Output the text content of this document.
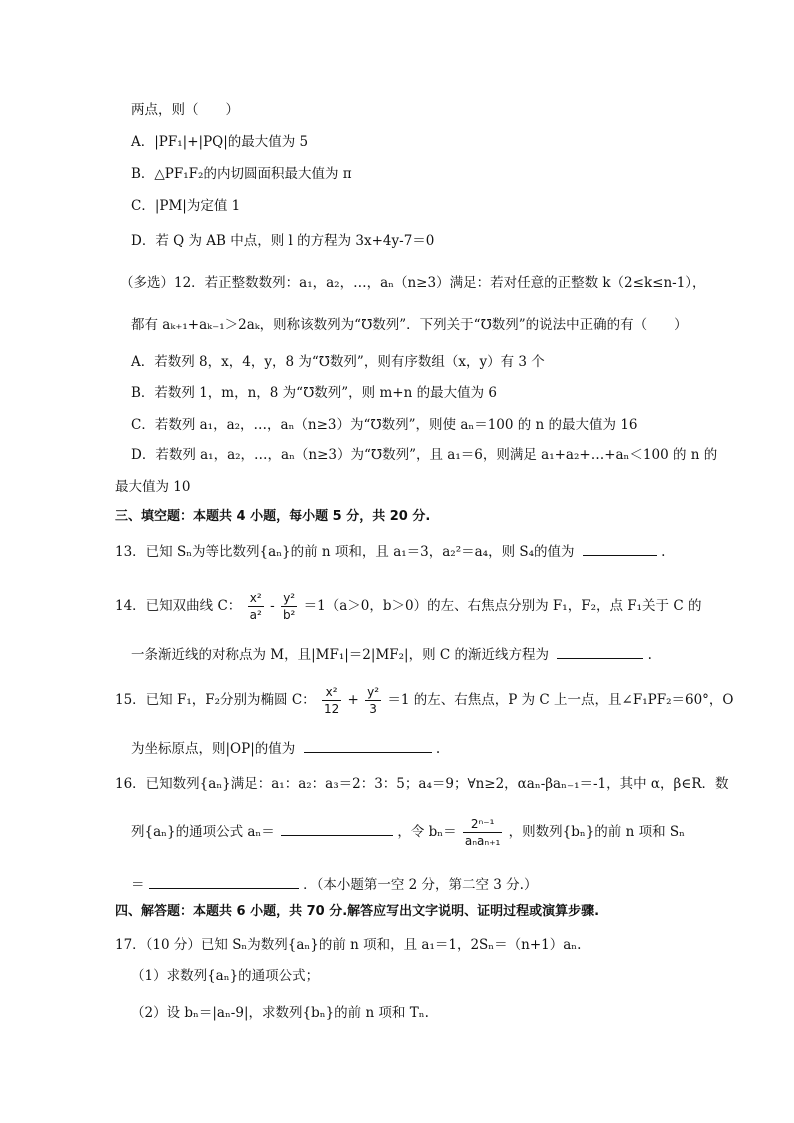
两点，则（　　）
A．|PF₁|+|PQ|的最大值为 5
B．△PF₁F₂的内切圆面积最大值为 π
C．|PM|为定值 1
D．若 Q 为 AB 中点，则 l 的方程为 3x+4y-7＝0
（多选）12．若正整数数列：a₁，a₂，…，aₙ（n≥3）满足：若对任意的正整数 k（2≤k≤n-1），
都有 aₖ₊₁+aₖ₋₁＞2aₖ，则称该数列为“℧数列”．下列关于“℧数列”的说法中正确的有（　　）
A．若数列 8，x，4，y，8 为“℧数列”，则有序数组（x，y）有 3 个
B．若数列 1，m，n，8 为“℧数列”，则 m+n 的最大值为 6
C．若数列 a₁，a₂，…，aₙ（n≥3）为“℧数列”，则使 aₙ＝100 的 n 的最大值为 16
D．若数列 a₁，a₂，…，aₙ（n≥3）为“℧数列”，且 a₁＝6，则满足 a₁+a₂+…+aₙ＜100 的 n 的
最大值为 10
三、填空题：本题共 4 小题，每小题 5 分，共 20 分.
13．已知 Sₙ为等比数列{aₙ}的前 n 项和，且 a₁＝3，a₂²＝a₄，则 S₄的值为	.
14．已知双曲线 C： $\frac{\text{x²}}{\text{a²}} - \frac{\text{y²}}{\text{b²}} =1(a>0$，b＞0）的左、右焦点分别为 F₁，F₂，点 F₁关于 C 的
一条渐近线的对称点为 M，且|MF₁|＝2|MF₂|，则 C 的渐近线方程为	.
15．已知 F₁，F₂分别为椭圆 C： $\frac{\text{x²}}{12} + \frac{\text{y²}}{3} =1$ 的左、右焦点，P 为 C 上一点，且∠F₁PF₂＝60°，O
为坐标原点，则|OP|的值为	.
16．已知数列{aₙ}满足：a₁：a₂：a₃＝2：3：5；a₄＝9；∀n≥2，αaₙ-βaₙ₋₁＝-1，其中 α，β∈R．数
列{aₙ}的通项公式 aₙ＝	，令 $b_n= \frac{\text{2ⁿ⁻¹}}{\text{aₙaₙ₊₁}}$ ，则数列{bₙ}的前 n 项和 Sₙ
＝	．（本小题第一空 2 分，第二空 3 分.）
四、解答题：本题共 6 小题，共 70 分.解答应写出文字说明、证明过程或演算步骤.
17．（10 分）已知 Sₙ为数列{aₙ}的前 n 项和，且 a₁＝1，2Sₙ＝（n+1）aₙ.
（1）求数列{aₙ}的通项公式；
（2）设 bₙ＝|aₙ-9|，求数列{bₙ}的前 n 项和 Tₙ.
